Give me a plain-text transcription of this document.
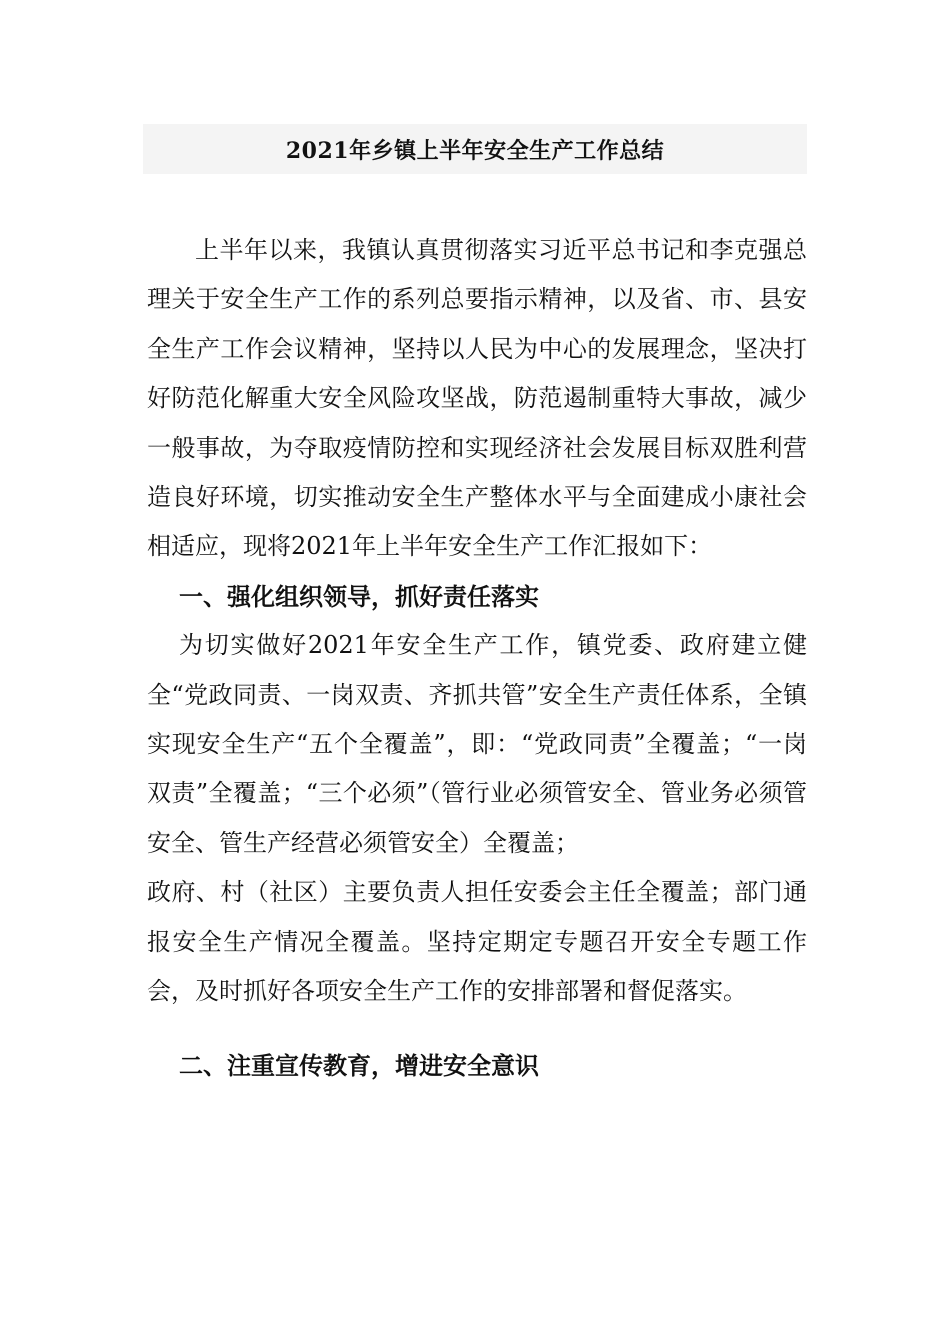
2021年乡镇上半年安全生产工作总结

上半年以来，我镇认真贯彻落实习近平总书记和李克强总理关于安全生产工作的系列总要指示精神，以及省、市、县安全生产工作会议精神，坚持以人民为中心的发展理念，坚决打好防范化解重大安全风险攻坚战，防范遏制重特大事故，减少一般事故，为夺取疫情防控和实现经济社会发展目标双胜利营造良好环境，切实推动安全生产整体水平与全面建成小康社会相适应，现将2021年上半年安全生产工作汇报如下：

一、强化组织领导，抓好责任落实

为切实做好2021年安全生产工作，镇党委、政府建立健全“党政同责、一岗双责、齐抓共管”安全生产责任体系，全镇实现安全生产“五个全覆盖”，即：“党政同责”全覆盖；“一岗双责”全覆盖；“三个必须”（管行业必须管安全、管业务必须管安全、管生产经营必须管安全）全覆盖；

政府、村（社区）主要负责人担任安委会主任全覆盖；部门通报安全生产情况全覆盖。坚持定期定专题召开安全专题工作会，及时抓好各项安全生产工作的安排部署和督促落实。

二、注重宣传教育，增进安全意识
